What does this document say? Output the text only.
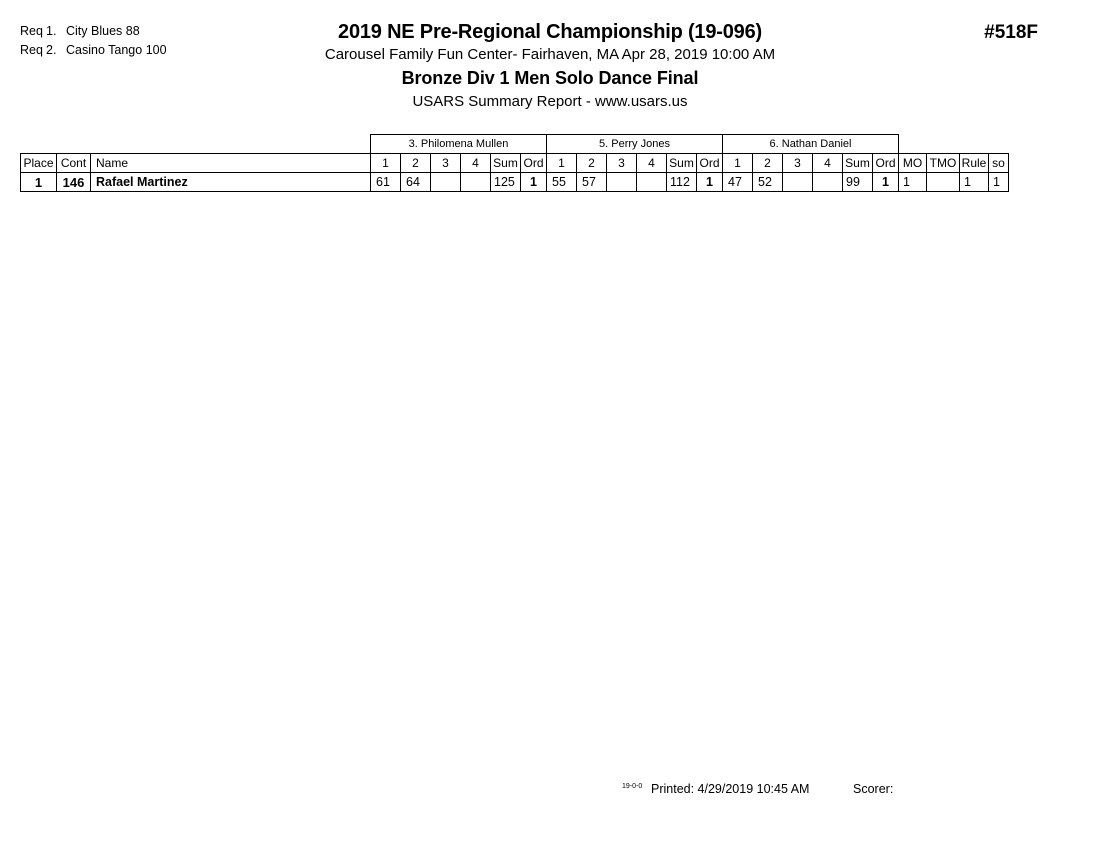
Req 1. City Blues 88
Req 2. Casino Tango 100
2019 NE Pre-Regional Championship (19-096)
Carousel Family Fun Center- Fairhaven, MA Apr 28, 2019 10:00 AM
Bronze Div 1 Men Solo Dance Final
USARS Summary Report - www.usars.us
#518F
			3. Philomena Mullen						5. Perry Jones						6. Nathan Daniel									
Place	Cont	Name	1	2	3	4	Sum	Ord	1	2	3	4	Sum	Ord	1	2	3	4	Sum	Ord	MO	TMO	Rule	so
1	146	Rafael Martinez	61	64			125	1	55	57			112	1	47	52			99	1	1		1	1
19-0-0 Printed: 4/29/2019 10:45 AM	Scorer:
